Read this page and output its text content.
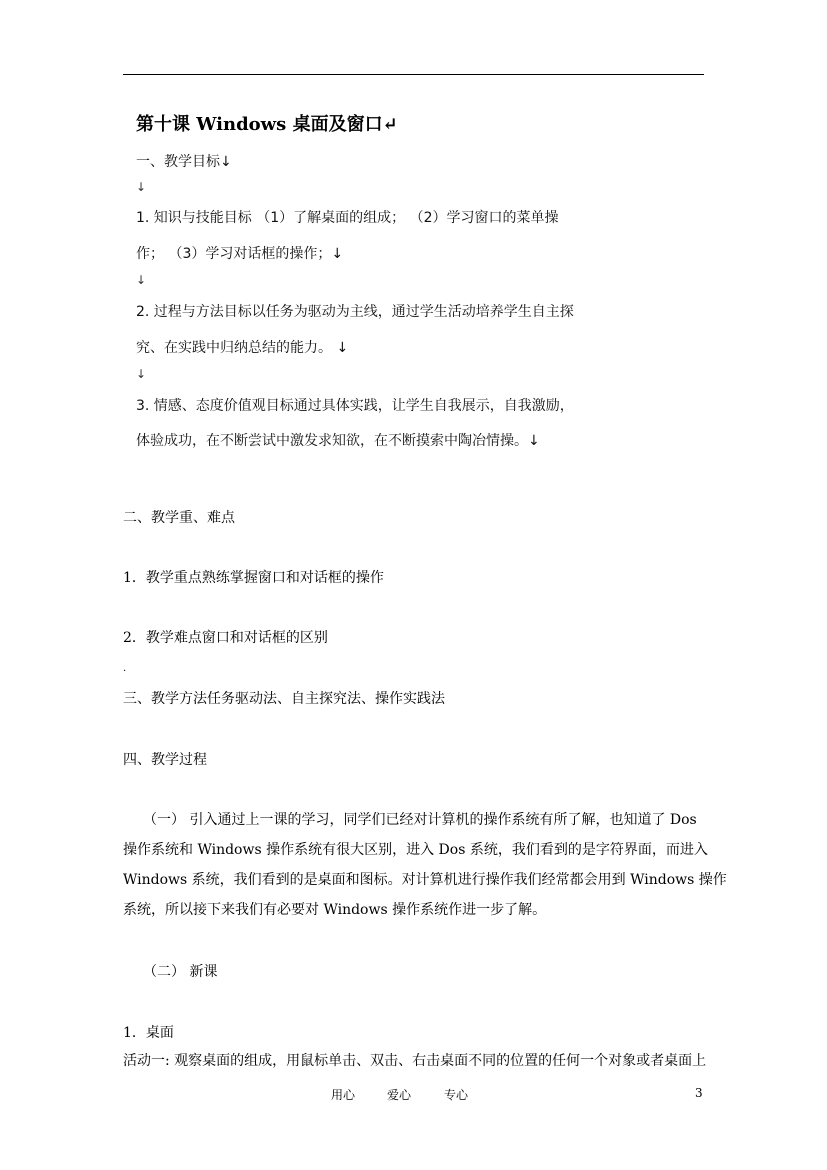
第十课 Windows 桌面及窗口↵
一、教学目标↓
↓
1. 知识与技能目标 （1）了解桌面的组成； （2）学习窗口的菜单操
作； （3）学习对话框的操作；↓
↓
2. 过程与方法目标以任务为驱动为主线，通过学生活动培养学生自主探
究、在实践中归纳总结的能力。 ↓
↓
3. 情感、态度价值观目标通过具体实践，让学生自我展示，自我激励，
体验成功，在不断尝试中激发求知欲，在不断摸索中陶冶情操。↓
二、教学重、难点
1．教学重点熟练掌握窗口和对话框的操作
2．教学难点窗口和对话框的区别
.
三、教学方法任务驱动法、自主探究法、操作实践法
四、教学过程
（一） 引入通过上一课的学习，同学们已经对计算机的操作系统有所了解，也知道了 Dos
操作系统和 Windows 操作系统有很大区别，进入 Dos 系统，我们看到的是字符界面，而进入
Windows 系统，我们看到的是桌面和图标。对计算机进行操作我们经常都会用到 Windows 操作
系统，所以接下来我们有必要对 Windows 操作系统作进一步了解。
（二） 新课
1．桌面
活动一: 观察桌面的组成，用鼠标单击、双击、右击桌面不同的位置的任何一个对象或者桌面上
用心	爱心	专心	3
